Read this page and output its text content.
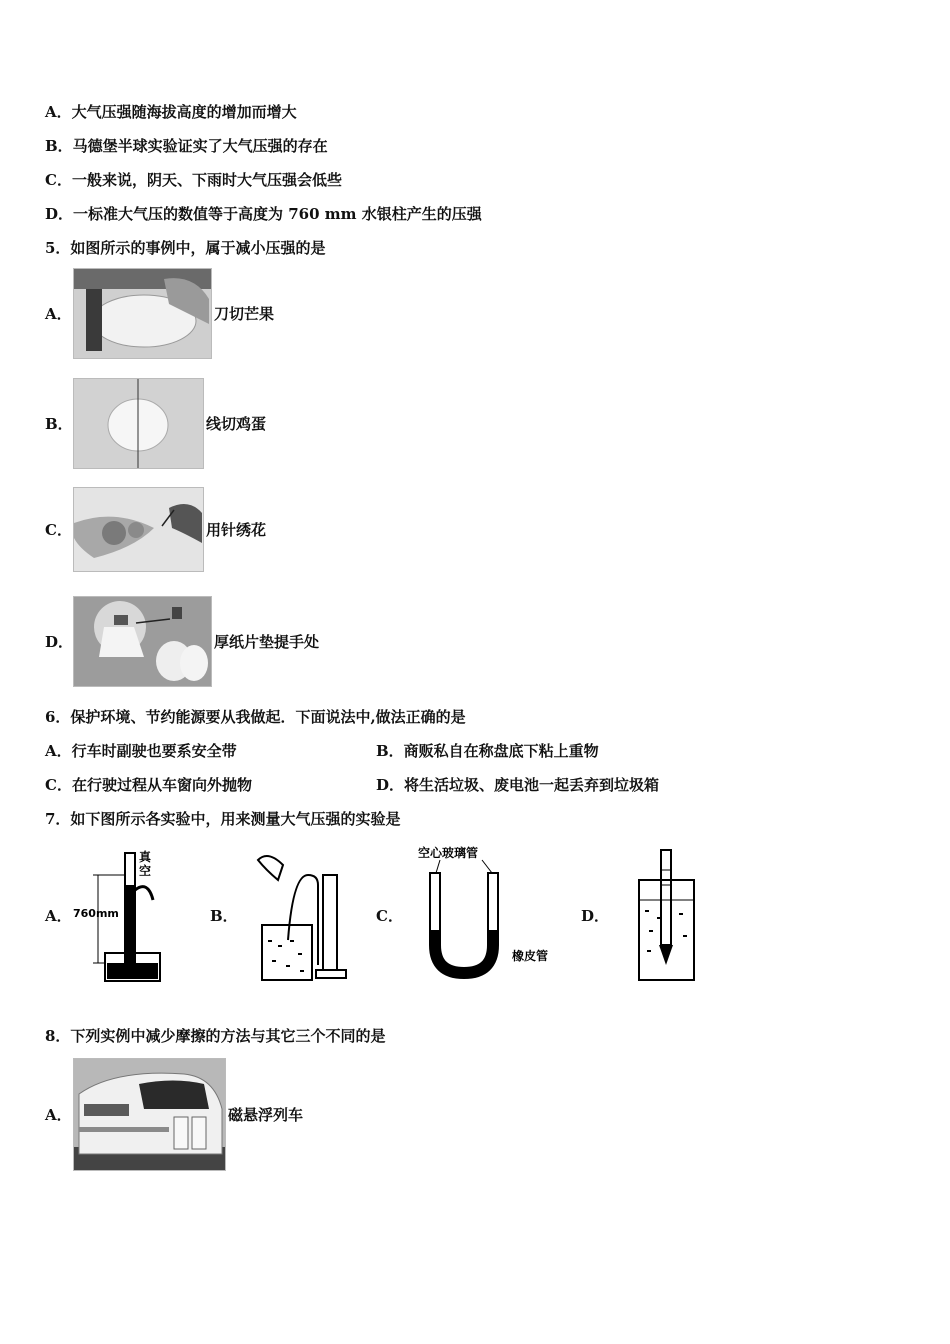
A．大气压强随海拔高度的增加而增大
B．马德堡半球实验证实了大气压强的存在
C．一般来说，阴天、下雨时大气压强会低些
D．一标准大气压的数值等于高度为 760 mm 水银柱产生的压强
5．如图所示的事例中，属于减小压强的是
A．	刀切芒果
B．	线切鸡蛋
C．	用针绣花
D．	厚纸片垫提手处
6．保护环境、节约能源要从我做起．下面说法中,做法正确的是
A．行车时副驶也要系安全带	B．商贩私自在称盘底下粘上重物
C．在行驶过程从车窗向外抛物	D．将生活垃圾、废电池一起丢弃到垃圾箱
7．如下图所示各实验中，用来测量大气压强的实验是
A．
真
空
760mm	B．	C．
空心玻璃管
橡皮管
D．
8．下列实例中减少摩擦的方法与其它三个不同的是
A．	磁悬浮列车
